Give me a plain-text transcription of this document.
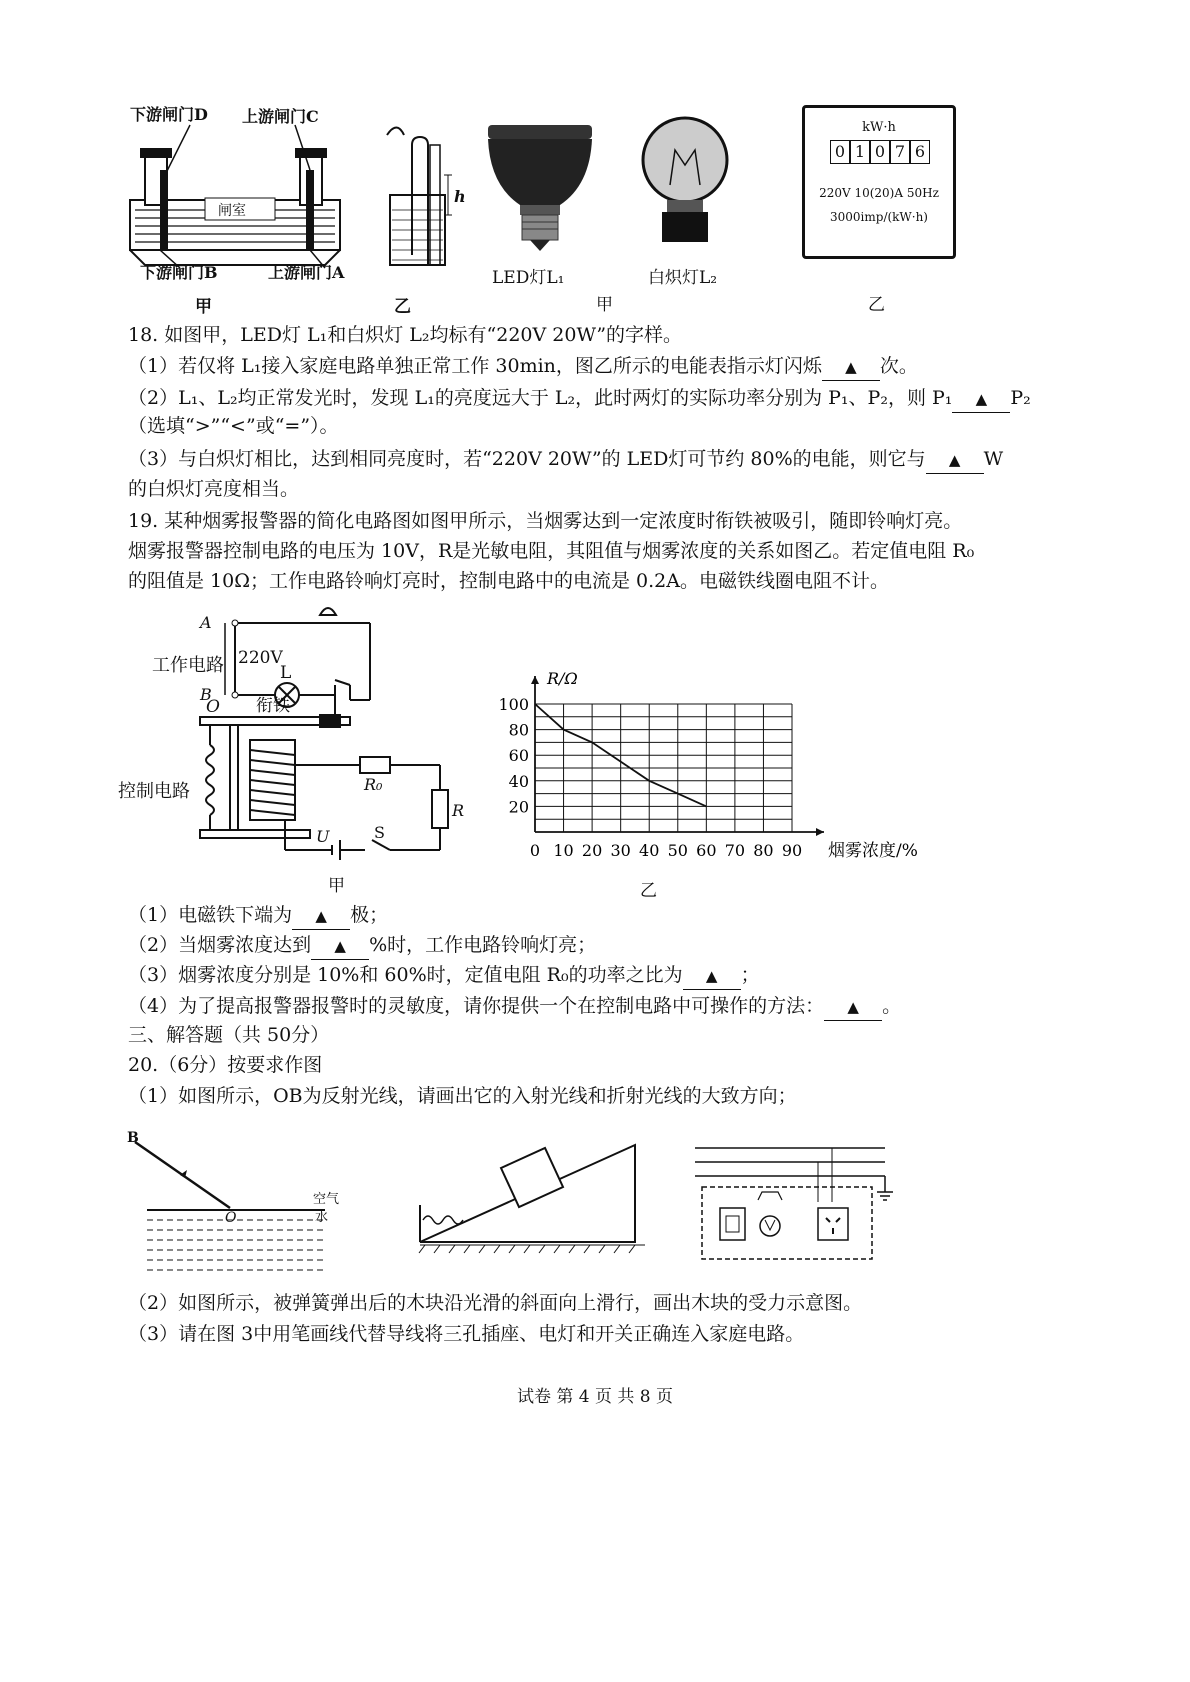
下游闸门D 上游闸门C
闸室
下游闸门B	上游闸门A
甲
h
乙
LED灯L₁	白炽灯L₂
甲
kW·h
0 1 0 7 6
220V 10(20)A 50Hz
3000imp/(kW·h)
乙
18. 如图甲，LED灯 L₁和白炽灯 L₂均标有“220V 20W”的字样。
（1）若仅将 L₁接入家庭电路单独正常工作 30min，图乙所示的电能表指示灯闪烁 ▲ 次。
（2）L₁、L₂均正常发光时，发现 L₁的亮度远大于 L₂，此时两灯的实际功率分别为 P₁、P₂，则 P₁ ▲ P₂
（选填“>”“<”或“=”）。
（3）与白炽灯相比，达到相同亮度时，若“220V 20W”的 LED灯可节约 80%的电能，则它与 ▲ W
的白炽灯亮度相当。
19. 某种烟雾报警器的简化电路图如图甲所示，当烟雾达到一定浓度时衔铁被吸引，随即铃响灯亮。
烟雾报警器控制电路的电压为 10V，R是光敏电阻，其阻值与烟雾浓度的关系如图乙。若定值电阻 R₀
的阻值是 10Ω；工作电路铃响灯亮时，控制电路中的电流是 0.2A。电磁铁线圈电阻不计。
A
B
220V
工作电路	L
O 衔铁
控制电路	R₀
R
U	S
甲
0 10 20 30 40 50 60 70 80 90
20
40
60
80
100
R/Ω
烟雾浓度/%
乙
（1）电磁铁下端为 ▲ 极；
（2）当烟雾浓度达到 ▲ %时，工作电路铃响灯亮；
（3）烟雾浓度分别是 10%和 60%时，定值电阻 R₀的功率之比为 ▲ ；
（4）为了提高报警器报警时的灵敏度，请你提供一个在控制电路中可操作的方法： ▲ 。
三、解答题（共 50分）
20.（6分）按要求作图
（1）如图所示，OB为反射光线，请画出它的入射光线和折射光线的大致方向；
B
O
空气
水
（2）如图所示，被弹簧弹出后的木块沿光滑的斜面向上滑行，画出木块的受力示意图。
（3）请在图 3中用笔画线代替导线将三孔插座、电灯和开关正确连入家庭电路。
试卷 第 4 页 共 8 页
